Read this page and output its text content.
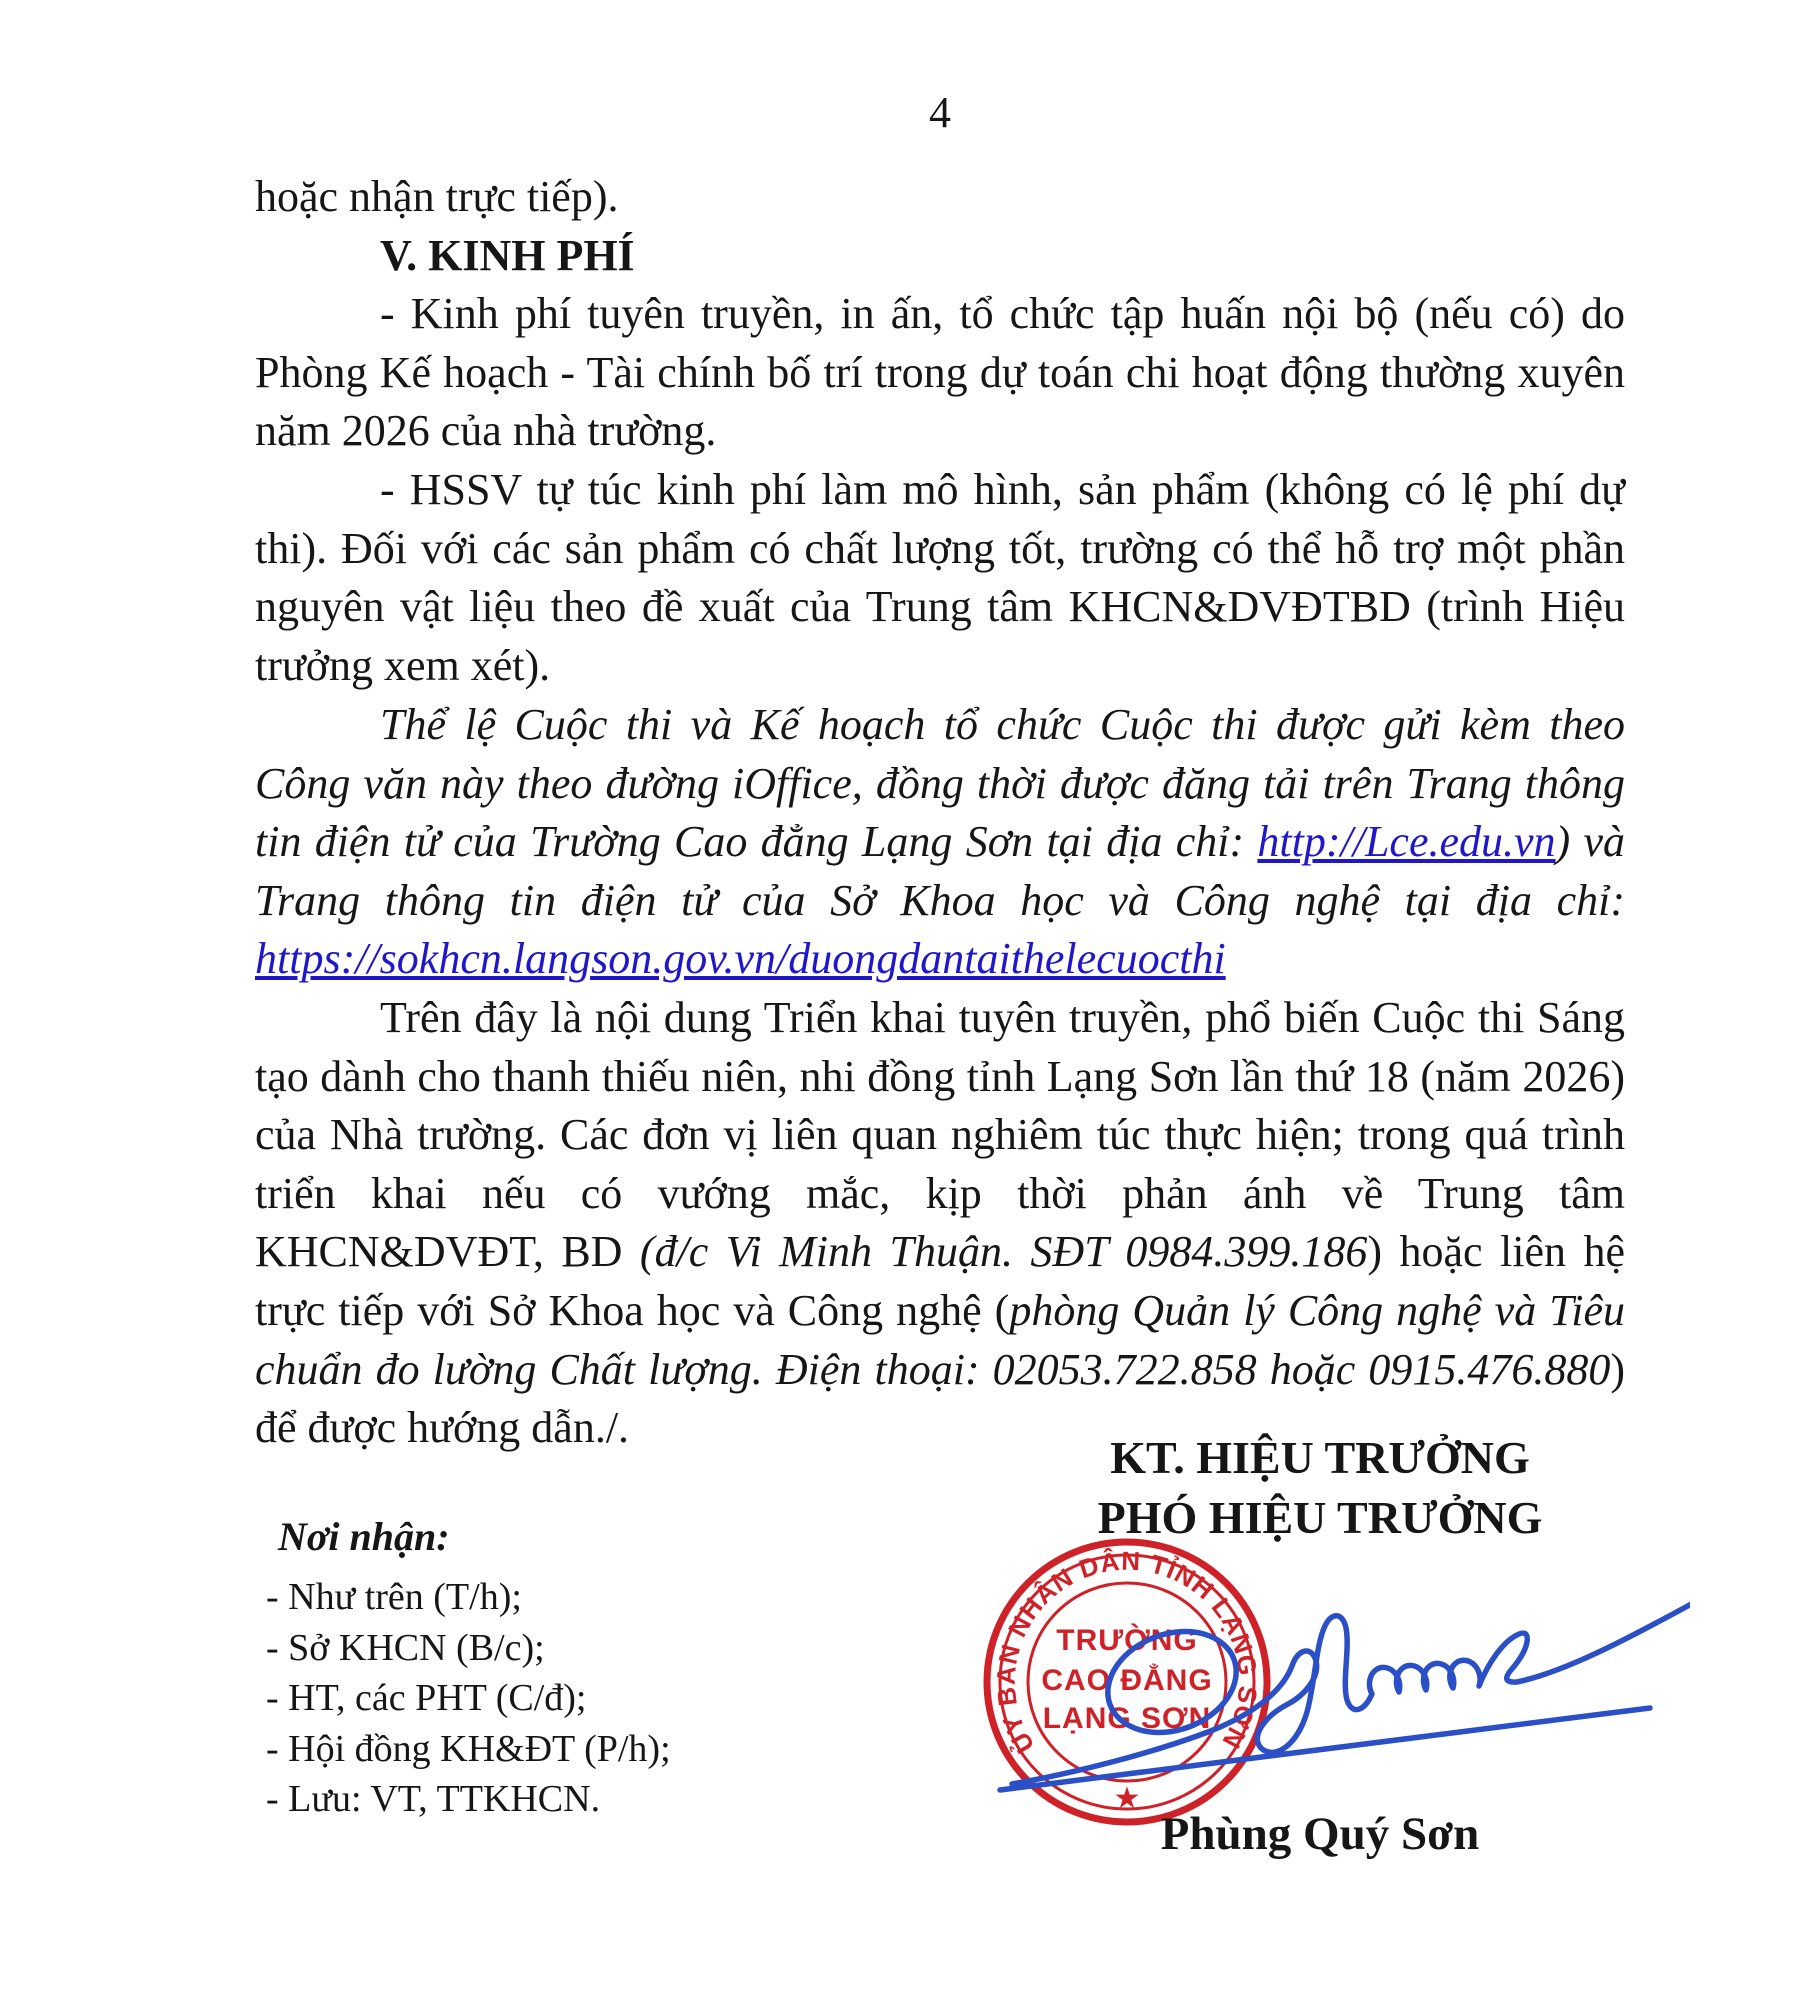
4

hoặc nhận trực tiếp).

V. KINH PHÍ

- Kinh phí tuyên truyền, in ấn, tổ chức tập huấn nội bộ (nếu có) do Phòng Kế hoạch - Tài chính bố trí trong dự toán chi hoạt động thường xuyên năm 2026 của nhà trường.

- HSSV tự túc kinh phí làm mô hình, sản phẩm (không có lệ phí dự thi). Đối với các sản phẩm có chất lượng tốt, trường có thể hỗ trợ một phần nguyên vật liệu theo đề xuất của Trung tâm KHCN&DVĐTBD (trình Hiệu trưởng xem xét).

Thể lệ Cuộc thi và Kế hoạch tổ chức Cuộc thi được gửi kèm theo Công văn này theo đường iOffice, đồng thời được đăng tải trên Trang thông tin điện tử của Trường Cao đẳng Lạng Sơn tại địa chỉ: http://Lce.edu.vn) và Trang thông tin điện tử của Sở Khoa học và Công nghệ tại địa chỉ: https://sokhcn.langson.gov.vn/duongdantaithelecuocthi

Trên đây là nội dung Triển khai tuyên truyền, phổ biến Cuộc thi Sáng tạo dành cho thanh thiếu niên, nhi đồng tỉnh Lạng Sơn lần thứ 18 (năm 2026) của Nhà trường. Các đơn vị liên quan nghiêm túc thực hiện; trong quá trình triển khai nếu có vướng mắc, kịp thời phản ánh về Trung tâm KHCN&DVĐT, BD (đ/c Vi Minh Thuận. SĐT 0984.399.186) hoặc liên hệ trực tiếp với Sở Khoa học và Công nghệ (phòng Quản lý Công nghệ và Tiêu chuẩn đo lường Chất lượng. Điện thoại: 02053.722.858 hoặc 0915.476.880) để được hướng dẫn./.

KT. HIỆU TRƯỞNG
PHÓ HIỆU TRƯỞNG
Nơi nhận:
- Như trên (T/h);
- Sở KHCN (B/c);
- HT, các PHT (C/đ);
- Hội đồng KH&ĐT (P/h);
- Lưu: VT, TTKHCN.
ỦY BAN NHÂN DÂN TỈNH LẠNG SƠN
TRƯỜNG
CAO ĐẲNG
LẠNG SƠN
★
Phùng Quý Sơn
